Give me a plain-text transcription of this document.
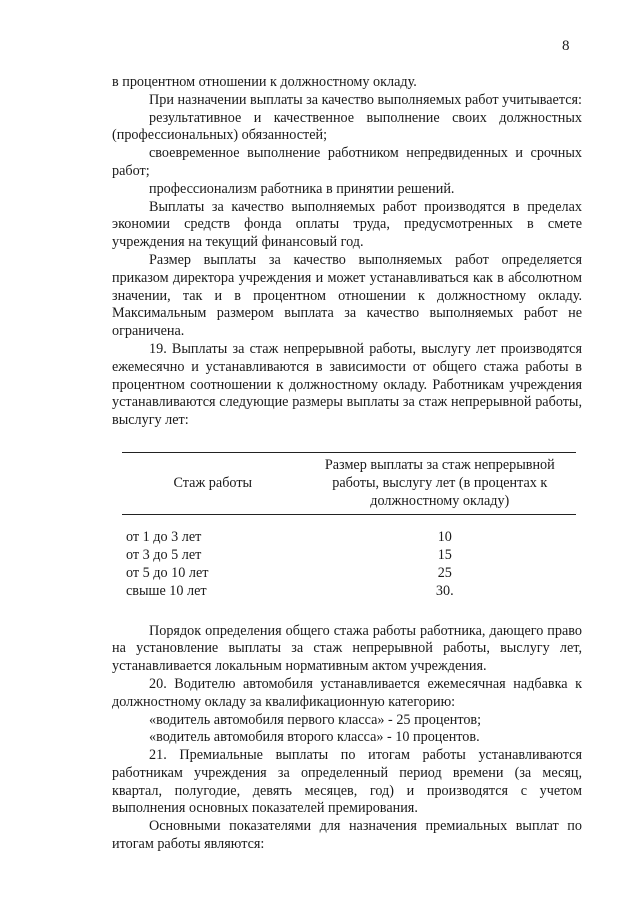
8

в процентном отношении к должностному окладу.

При назначении выплаты за качество выполняемых работ учитывается:

результативное и качественное выполнение своих должностных (профессиональных) обязанностей;

своевременное выполнение работником непредвиденных и срочных работ;

профессионализм работника в принятии решений.

Выплаты за качество выполняемых работ производятся в пределах экономии средств фонда оплаты труда, предусмотренных в смете учреждения на текущий финансовый год.

Размер выплаты за качество выполняемых работ определяется приказом директора учреждения и может устанавливаться как в абсолютном значении, так и в процентном отношении к должностному окладу. Максимальным размером выплата за качество выполняемых работ не ограничена.

19. Выплаты за стаж непрерывной работы, выслугу лет производятся ежемесячно и устанавливаются в зависимости от общего стажа работы в процентном соотношении к должностному окладу. Работникам учреждения устанавливаются следующие размеры выплаты за стаж непрерывной работы, выслугу лет:

Стаж работы	Размер выплаты за стаж непрерывной работы, выслугу лет (в процентах к должностному окладу)

от 1 до 3 лет	10
от 3 до 5 лет	15
от 5 до 10 лет	25
свыше 10 лет	30.

Порядок определения общего стажа работы работника, дающего право на установление выплаты за стаж непрерывной работы, выслугу лет, устанавливается локальным нормативным актом учреждения.

20. Водителю автомобиля устанавливается ежемесячная надбавка к должностному окладу за квалификационную категорию:

«водитель автомобиля первого класса» - 25 процентов;

«водитель автомобиля второго класса» - 10 процентов.

21. Премиальные выплаты по итогам работы устанавливаются работникам учреждения за определенный период времени (за месяц, квартал, полугодие, девять месяцев, год) и производятся с учетом выполнения основных показателей премирования.

Основными показателями для назначения премиальных выплат по итогам работы являются:
